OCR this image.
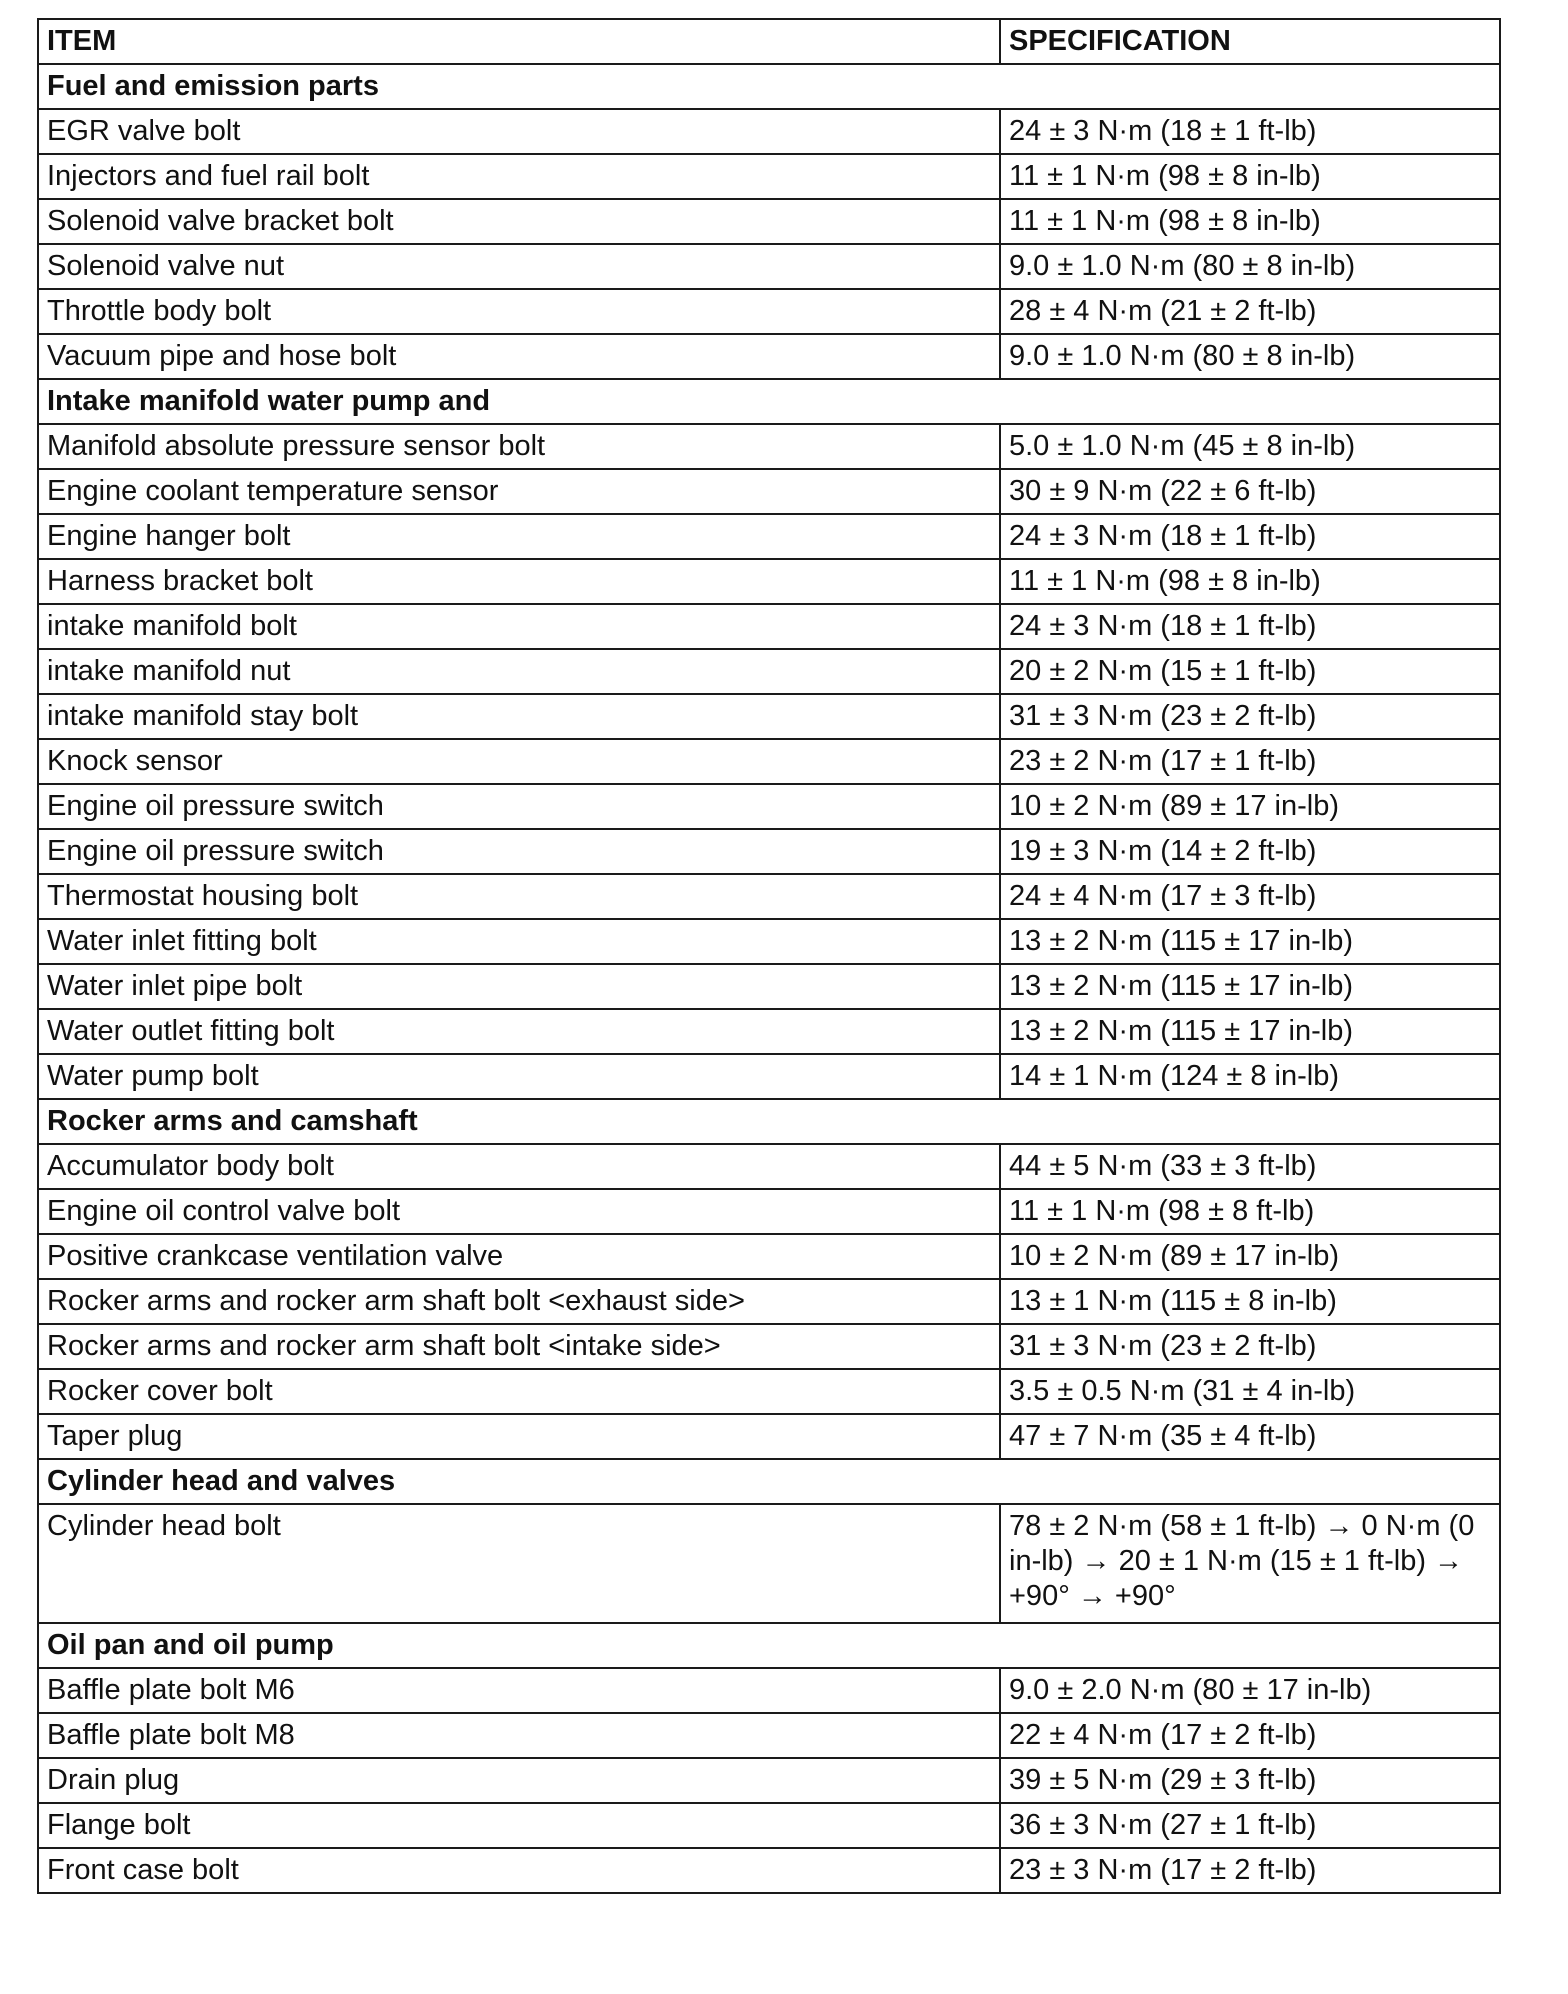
ITEM	SPECIFICATION
Fuel and emission parts	
EGR valve bolt	24 ± 3 N·m (18 ± 1 ft-lb)
Injectors and fuel rail bolt	11 ± 1 N·m (98 ± 8 in-lb)
Solenoid valve bracket bolt	11 ± 1 N·m (98 ± 8 in-lb)
Solenoid valve nut	9.0 ± 1.0 N·m (80 ± 8 in-lb)
Throttle body bolt	28 ± 4 N·m (21 ± 2 ft-lb)
Vacuum pipe and hose bolt	9.0 ± 1.0 N·m (80 ± 8 in-lb)
Intake manifold water pump and	
Manifold absolute pressure sensor bolt	5.0 ± 1.0 N·m (45 ± 8 in-lb)
Engine coolant temperature sensor	30 ± 9 N·m (22 ± 6 ft-lb)
Engine hanger bolt	24 ± 3 N·m (18 ± 1 ft-lb)
Harness bracket bolt	11 ± 1 N·m (98 ± 8 in-lb)
intake manifold bolt	24 ± 3 N·m (18 ± 1 ft-lb)
intake manifold nut	20 ± 2 N·m (15 ± 1 ft-lb)
intake manifold stay bolt	31 ± 3 N·m (23 ± 2 ft-lb)
Knock sensor	23 ± 2 N·m (17 ± 1 ft-lb)
Engine oil pressure switch	10 ± 2 N·m (89 ± 17 in-lb)
Engine oil pressure switch	19 ± 3 N·m (14 ± 2 ft-lb)
Thermostat housing bolt	24 ± 4 N·m (17 ± 3 ft-lb)
Water inlet fitting bolt	13 ± 2 N·m (115 ± 17 in-lb)
Water inlet pipe bolt	13 ± 2 N·m (115 ± 17 in-lb)
Water outlet fitting bolt	13 ± 2 N·m (115 ± 17 in-lb)
Water pump bolt	14 ± 1 N·m (124 ± 8 in-lb)
Rocker arms and camshaft	
Accumulator body bolt	44 ± 5 N·m (33 ± 3 ft-lb)
Engine oil control valve bolt	11 ± 1 N·m (98 ± 8 ft-lb)
Positive crankcase ventilation valve	10 ± 2 N·m (89 ± 17 in-lb)
Rocker arms and rocker arm shaft bolt <exhaust side>	13 ± 1 N·m (115 ± 8 in-lb)
Rocker arms and rocker arm shaft bolt <intake side>	31 ± 3 N·m (23 ± 2 ft-lb)
Rocker cover bolt	3.5 ± 0.5 N·m (31 ± 4 in-lb)
Taper plug	47 ± 7 N·m (35 ± 4 ft-lb)
Cylinder head and valves	
Cylinder head bolt	78 ± 2 N·m (58 ± 1 ft-lb) → 0 N·m (0 in-lb) → 20 ± 1 N·m (15 ± 1 ft-lb) → +90° → +90°
Oil pan and oil pump	
Baffle plate bolt M6	9.0 ± 2.0 N·m (80 ± 17 in-lb)
Baffle plate bolt M8	22 ± 4 N·m (17 ± 2 ft-lb)
Drain plug	39 ± 5 N·m (29 ± 3 ft-lb)
Flange bolt	36 ± 3 N·m (27 ± 1 ft-lb)
Front case bolt	23 ± 3 N·m (17 ± 2 ft-lb)
